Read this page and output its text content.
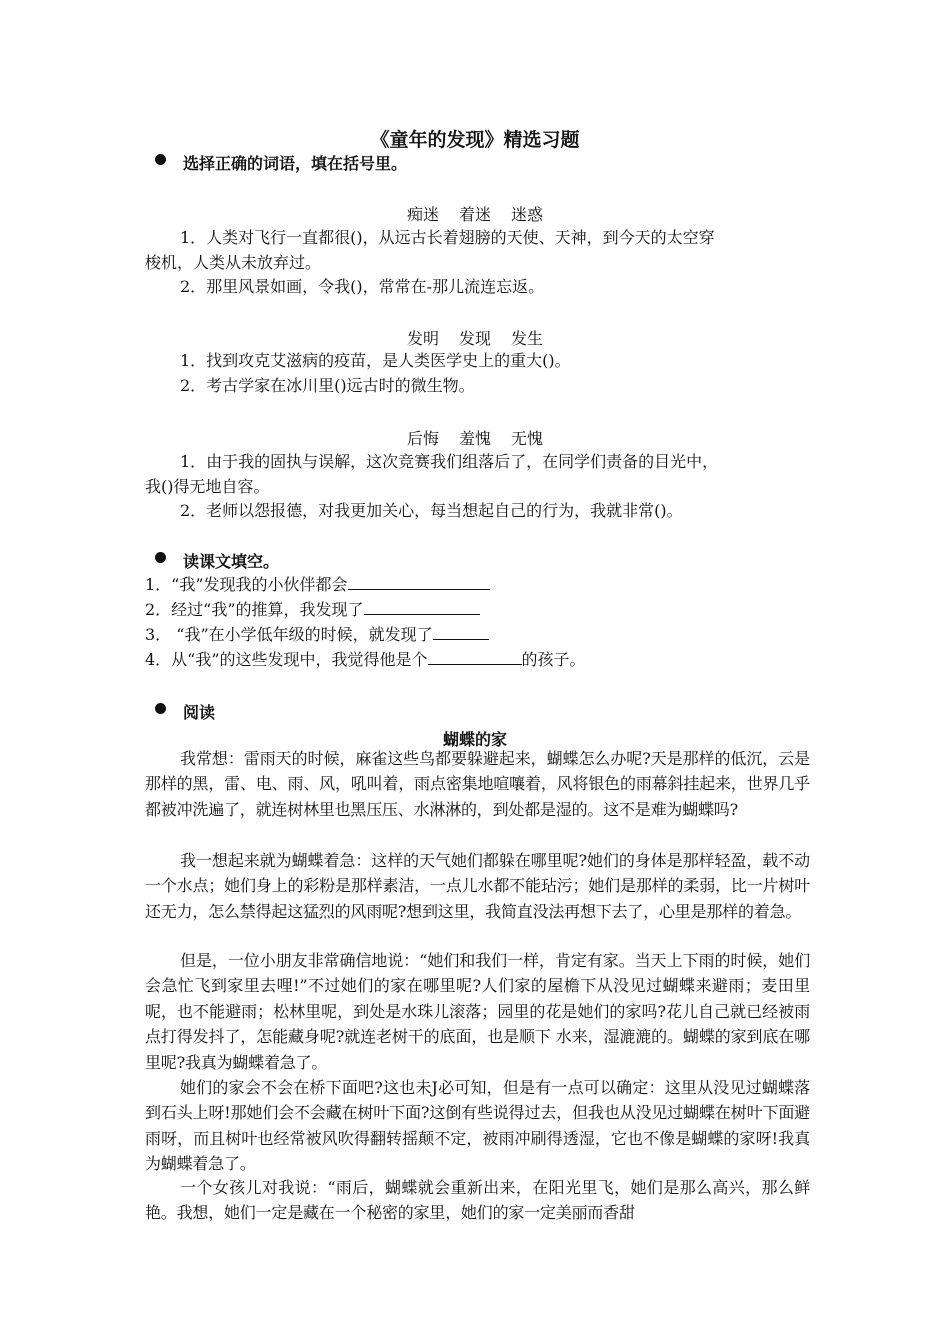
《童年的发现》精选习题
选择正确的词语，填在括号里。
痴迷 着迷 迷惑
1．人类对飞行一直都很()，从远古长着翅膀的天使、天神，到今天的太空穿
梭机，人类从未放弃过。
2．那里风景如画，令我()，常常在-那儿流连忘返。
发明 发现 发生
1．找到攻克艾滋病的疫苗，是人类医学史上的重大()。
2．考古学家在冰川里()远古时的微生物。
后悔 羞愧 无愧
1．由于我的固执与误解，这次竞赛我们组落后了，在同学们责备的目光中，
我()得无地自容。
2．老师以怨报德，对我更加关心，每当想起自己的行为，我就非常()。
读课文填空。
1．“我”发现我的小伙伴都会
2．经过“我”的推算，我发现了
3． “我”在小学低年级的时候，就发现了
4．从“我”的这些发现中，我觉得他是个	的孩子。
阅读
蝴蝶的家
我常想：雷雨天的时候，麻雀这些鸟都要躲避起来，蝴蝶怎么办呢?天是那样的低沉，云是那样的黑，雷、电、雨、风，吼叫着，雨点密集地喧嚷着，风将银色的雨幕斜挂起来，世界几乎都被冲洗遍了，就连树林里也黑压压、水淋淋的，到处都是湿的。这不是难为蝴蝶吗?
我一想起来就为蝴蝶着急：这样的天气她们都躲在哪里呢?她们的身体是那样轻盈，载不动一个水点；她们身上的彩粉是那样素洁，一点儿水都不能玷污；她们是那样的柔弱，比一片树叶还无力，怎么禁得起这猛烈的风雨呢?想到这里，我简直没法再想下去了，心里是那样的着急。
但是，一位小朋友非常确信地说：“她们和我们一样，肯定有家。当天上下雨的时候，她们会急忙飞到家里去哩!”不过她们的家在哪里呢?人们家的屋檐下从没见过蝴蝶来避雨；麦田里呢，也不能避雨；松林里呢，到处是水珠儿滚落；园里的花是她们的家吗?花儿自己就已经被雨点打得发抖了，怎能藏身呢?就连老树干的底面，也是顺下 水来，湿漉漉的。蝴蝶的家到底在哪里呢?我真为蝴蝶着急了。
她们的家会不会在桥下面吧?这也未J必可知，但是有一点可以确定：这里从没见过蝴蝶落到石头上呀!那她们会不会藏在树叶下面?这倒有些说得过去，但我也从没见过蝴蝶在树叶下面避雨呀，而且树叶也经常被风吹得翻转摇颠不定，被雨冲刷得透湿，它也不像是蝴蝶的家呀!我真为蝴蝶着急了。
一个女孩儿对我说：“雨后，蝴蝶就会重新出来，在阳光里飞，她们是那么高兴，那么鲜艳。我想，她们一定是藏在一个秘密的家里，她们的家一定美丽而香甜
